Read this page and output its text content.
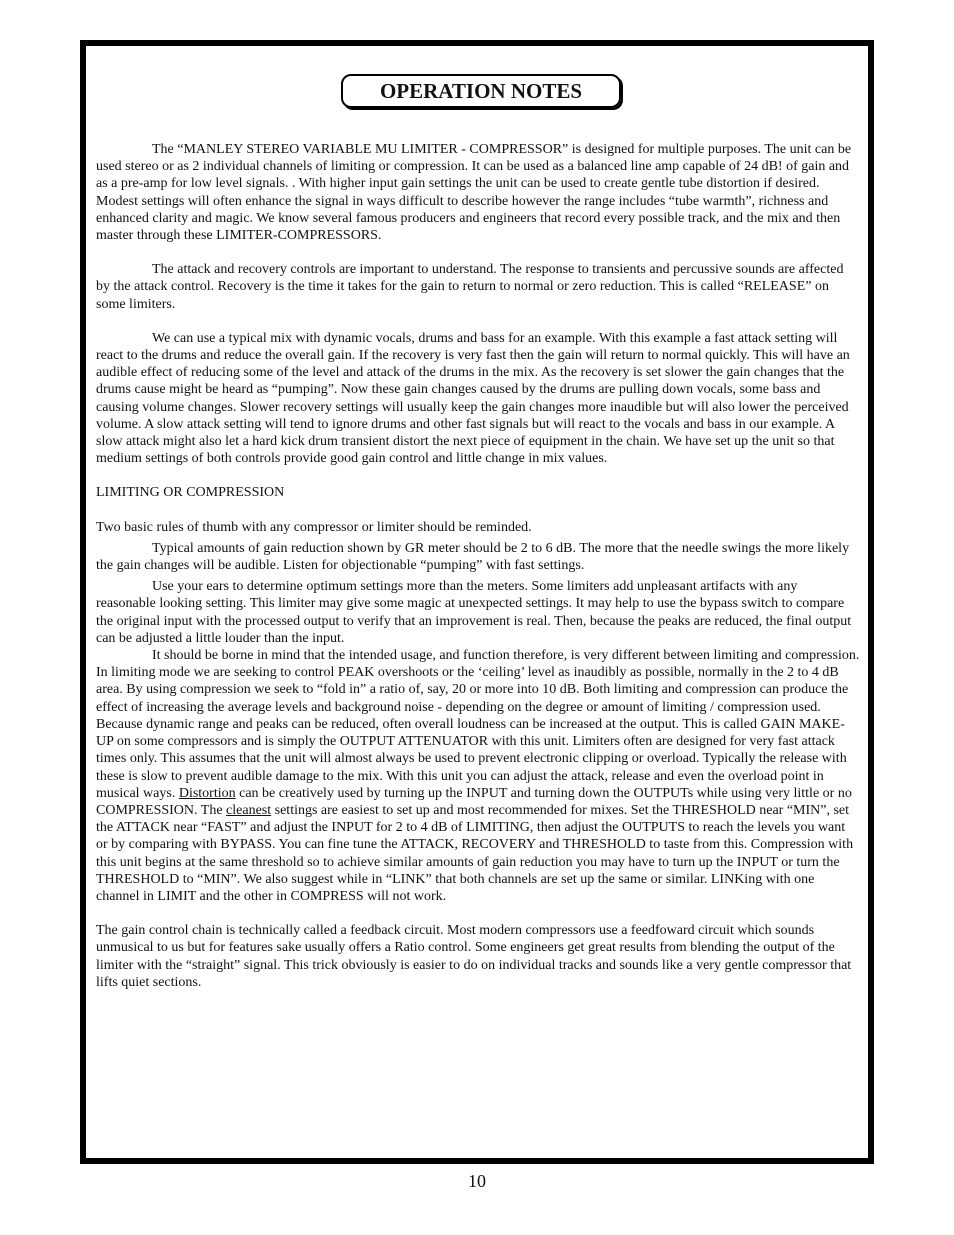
OPERATION NOTES

The “MANLEY STEREO VARIABLE MU LIMITER - COMPRESSOR” is designed for multiple purposes. The unit can be used stereo or as 2 individual channels of limiting or compression. It can be used as a balanced line amp capable of 24 dB! of gain and as a pre-amp for low level signals. . With higher input gain settings the unit can be used to create gentle tube distortion if desired. Modest settings will often enhance the signal in ways difficult to describe however the range includes “tube warmth”, richness and enhanced clarity and magic. We know several famous producers and engineers that record every possible track, and the mix and then master through these LIMITER-COMPRESSORS.

The attack and recovery controls are important to understand. The response to transients and percussive sounds are affected by the attack control. Recovery is the time it takes for the gain to return to normal or zero reduction. This is called “RELEASE” on some limiters.

We can use a typical mix with dynamic vocals, drums and bass for an example. With this example a fast attack setting will react to the drums and reduce the overall gain. If the recovery is very fast then the gain will return to normal quickly. This will have an audible effect of reducing some of the level and attack of the drums in the mix. As the recovery is set slower the gain changes that the drums cause might be heard as “pumping”. Now these gain changes caused by the drums are pulling down vocals, some bass and causing volume changes. Slower recovery settings will usually keep the gain changes more inaudible but will also lower the perceived volume. A slow attack setting will tend to ignore drums and other fast signals but will react to the vocals and bass in our example. A slow attack might also let a hard kick drum transient distort the next piece of equipment in the chain. We have set up the unit so that medium settings of both controls provide good gain control and little change in mix values.

LIMITING OR COMPRESSION

Two basic rules of thumb with any compressor or limiter should be reminded.

Typical amounts of gain reduction shown by GR meter should be 2 to 6 dB. The more that the needle swings the more likely the gain changes will be audible. Listen for objectionable “pumping” with fast settings.

Use your ears to determine optimum settings more than the meters. Some limiters add unpleasant artifacts with any reasonable looking setting. This limiter may give some magic at unexpected settings. It may help to use the bypass switch to compare the original input with the processed output to verify that an improvement is real. Then, because the peaks are reduced, the final output can be adjusted a little louder than the input.

It should be borne in mind that the intended usage, and function therefore, is very different between limiting and compression. In limiting mode we are seeking to control PEAK overshoots or the ‘ceiling’ level as inaudibly as possible, normally in the 2 to 4 dB area. By using compression we seek to “fold in” a ratio of, say, 20 or more into 10 dB. Both limiting and compression can produce the effect of increasing the average levels and background noise - depending on the degree or amount of limiting / compression used. Because dynamic range and peaks can be reduced, often overall loudness can be increased at the output. This is called GAIN MAKE-UP on some compressors and is simply the OUTPUT ATTENUATOR with this unit. Limiters often are designed for very fast attack times only. This assumes that the unit will almost always be used to prevent electronic clipping or overload. Typically the release with these is slow to prevent audible damage to the mix. With this unit you can adjust the attack, release and even the overload point in musical ways. Distortion can be creatively used by turning up the INPUT and turning down the OUTPUTs while using very little or no COMPRESSION. The cleanest settings are easiest to set up and most recommended for mixes. Set the THRESHOLD near “MIN”, set the ATTACK near “FAST” and adjust the INPUT for 2 to 4 dB of LIMITING, then adjust the OUTPUTS to reach the levels you want or by comparing with BYPASS. You can fine tune the ATTACK, RECOVERY and THRESHOLD to taste from this. Compression with this unit begins at the same threshold so to achieve similar amounts of gain reduction you may have to turn up the INPUT or turn the THRESHOLD to “MIN”. We also suggest while in “LINK” that both channels are set up the same or similar. LINKing with one channel in LIMIT and the other in COMPRESS will not work.

The gain control chain is technically called a feedback circuit. Most modern compressors use a feedfoward circuit which sounds unmusical to us but for features sake usually offers a Ratio control. Some engineers get great results from blending the output of the limiter with the “straight” signal. This trick obviously is easier to do on individual tracks and sounds like a very gentle compressor that lifts quiet sections.

10
